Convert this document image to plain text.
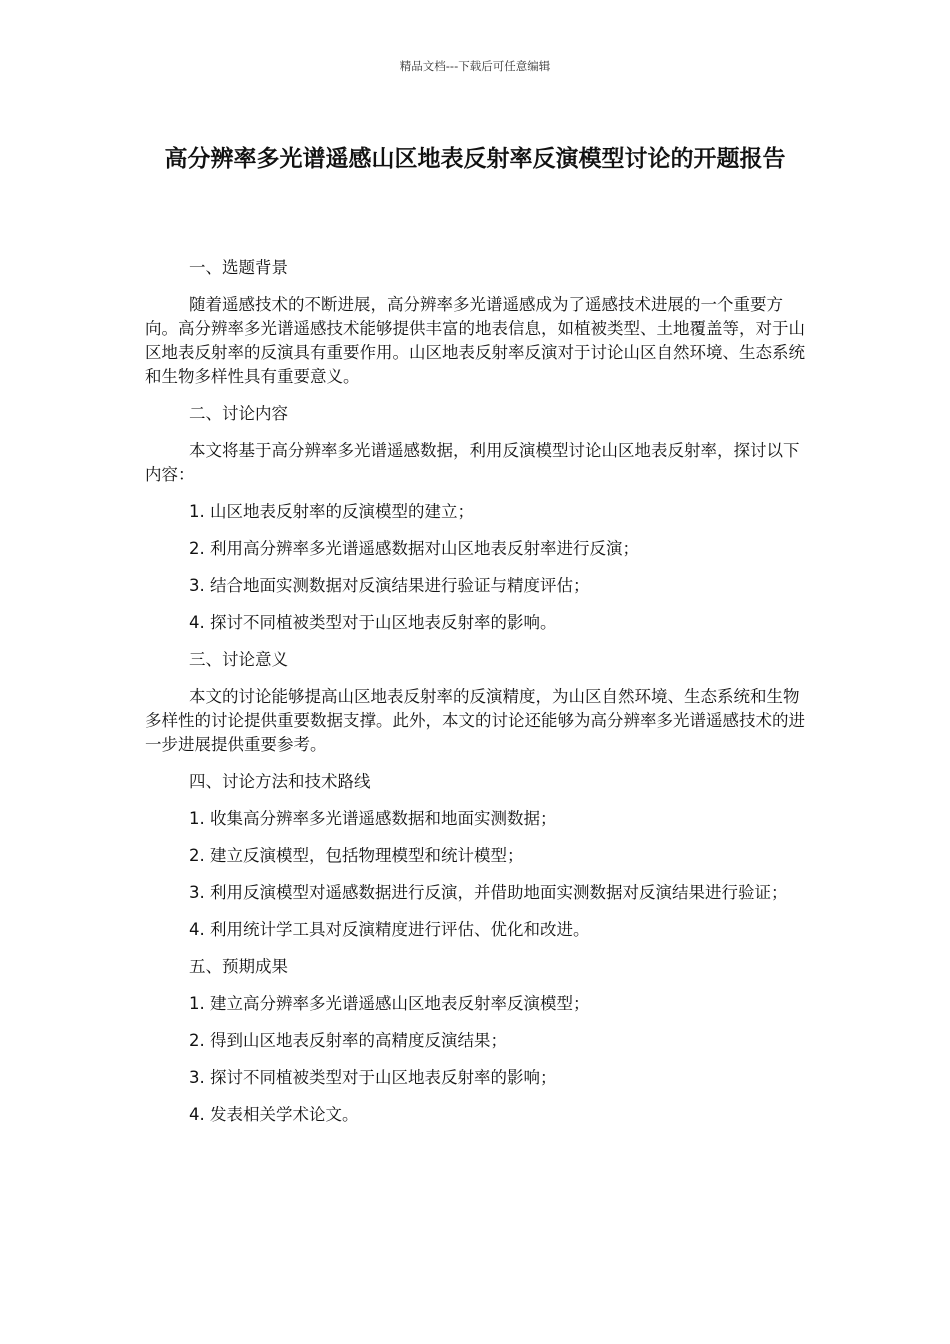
精品文档---下载后可任意编辑
高分辨率多光谱遥感山区地表反射率反演模型讨论的开题报告

一、选题背景

随着遥感技术的不断进展，高分辨率多光谱遥感成为了遥感技术进展的一个重要方向。高分辨率多光谱遥感技术能够提供丰富的地表信息，如植被类型、土地覆盖等，对于山区地表反射率的反演具有重要作用。山区地表反射率反演对于讨论山区自然环境、生态系统和生物多样性具有重要意义。

二、讨论内容

本文将基于高分辨率多光谱遥感数据，利用反演模型讨论山区地表反射率，探讨以下内容：

1. 山区地表反射率的反演模型的建立；

2. 利用高分辨率多光谱遥感数据对山区地表反射率进行反演；

3. 结合地面实测数据对反演结果进行验证与精度评估；

4. 探讨不同植被类型对于山区地表反射率的影响。

三、讨论意义

本文的讨论能够提高山区地表反射率的反演精度，为山区自然环境、生态系统和生物多样性的讨论提供重要数据支撑。此外，本文的讨论还能够为高分辨率多光谱遥感技术的进一步进展提供重要参考。

四、讨论方法和技术路线

1. 收集高分辨率多光谱遥感数据和地面实测数据；

2. 建立反演模型，包括物理模型和统计模型；

3. 利用反演模型对遥感数据进行反演，并借助地面实测数据对反演结果进行验证；

4. 利用统计学工具对反演精度进行评估、优化和改进。

五、预期成果

1. 建立高分辨率多光谱遥感山区地表反射率反演模型；

2. 得到山区地表反射率的高精度反演结果；

3. 探讨不同植被类型对于山区地表反射率的影响；

4. 发表相关学术论文。
